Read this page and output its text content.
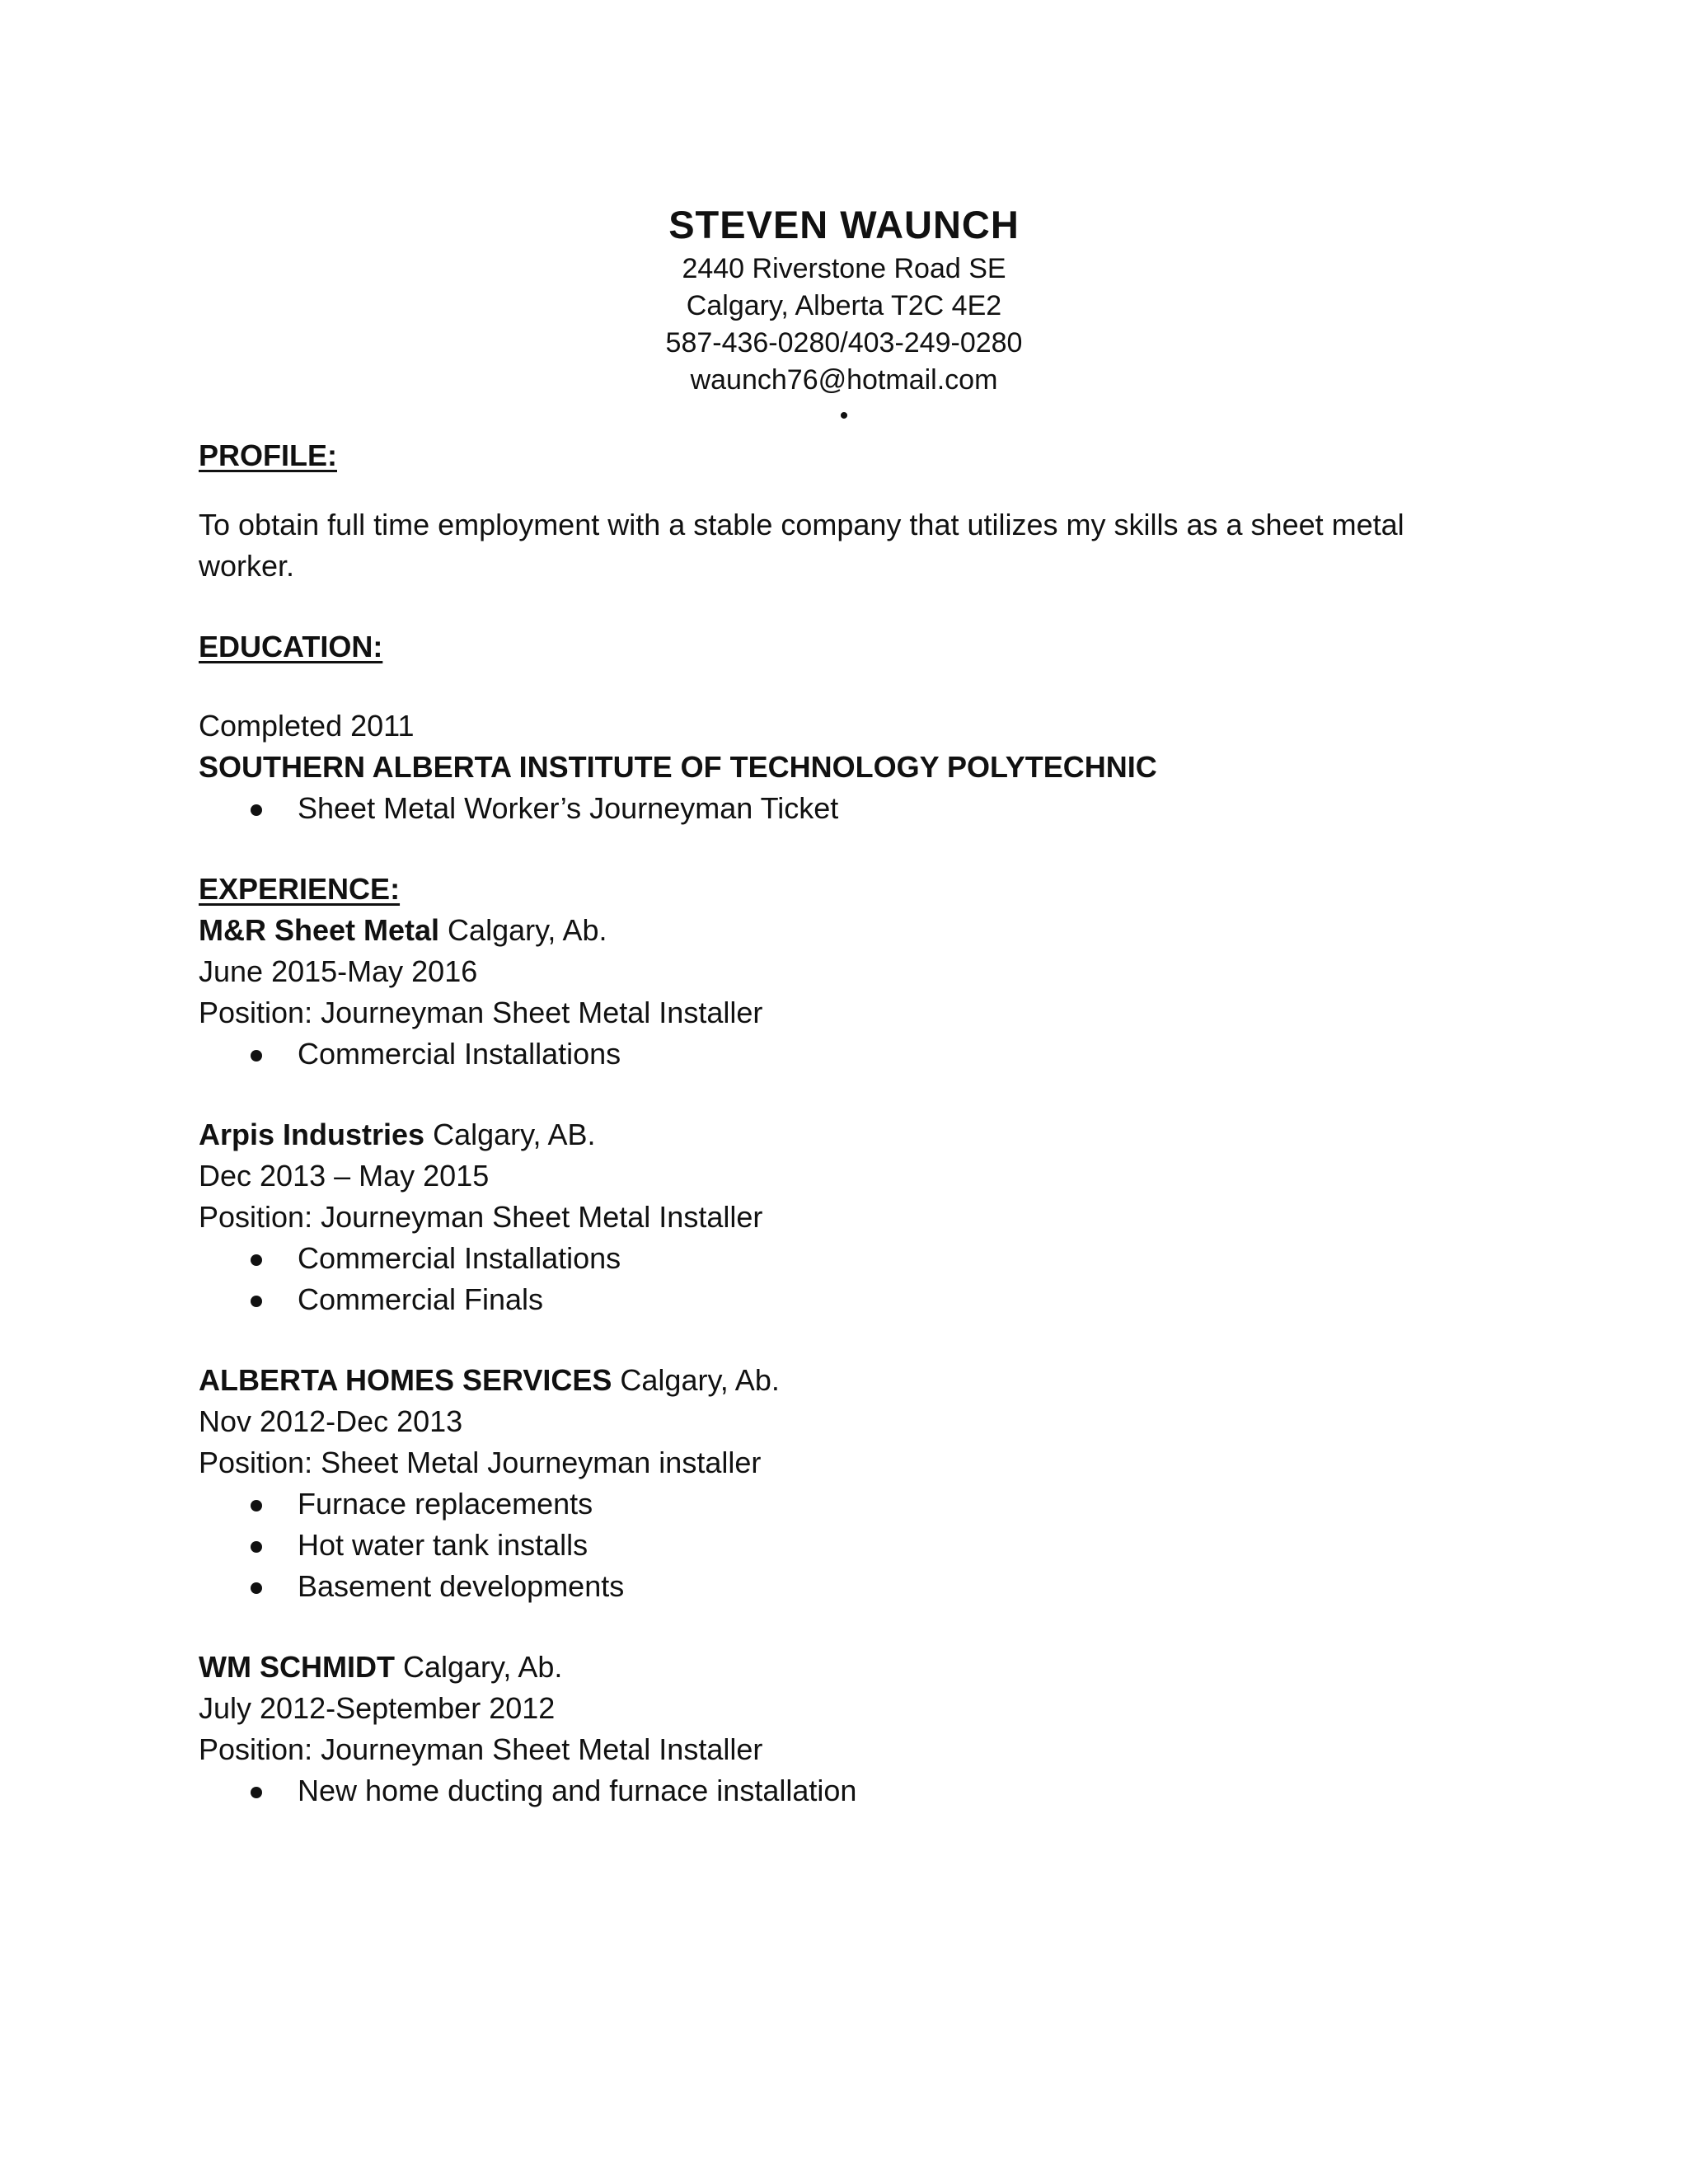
STEVEN WAUNCH

2440 Riverstone Road SE

Calgary, Alberta T2C 4E2

587-436-0280/403-249-0280

waunch76@hotmail.com

•

PROFILE:

To obtain full time employment with a stable company that utilizes my skills as a sheet metal worker.

EDUCATION:

Completed 2011

SOUTHERN ALBERTA INSTITUTE OF TECHNOLOGY POLYTECHNIC

Sheet Metal Worker’s Journeyman Ticket

EXPERIENCE:

M&R Sheet Metal Calgary, Ab.

June 2015-May 2016

Position: Journeyman Sheet Metal Installer

Commercial Installations

Arpis Industries Calgary, AB.

Dec 2013 – May 2015

Position: Journeyman Sheet Metal Installer

Commercial Installations
Commercial Finals

ALBERTA HOMES SERVICES Calgary, Ab.

Nov 2012-Dec 2013

Position: Sheet Metal Journeyman installer

Furnace replacements
Hot water tank installs
Basement developments

WM SCHMIDT Calgary, Ab.

July 2012-September 2012

Position: Journeyman Sheet Metal Installer

New home ducting and furnace installation
